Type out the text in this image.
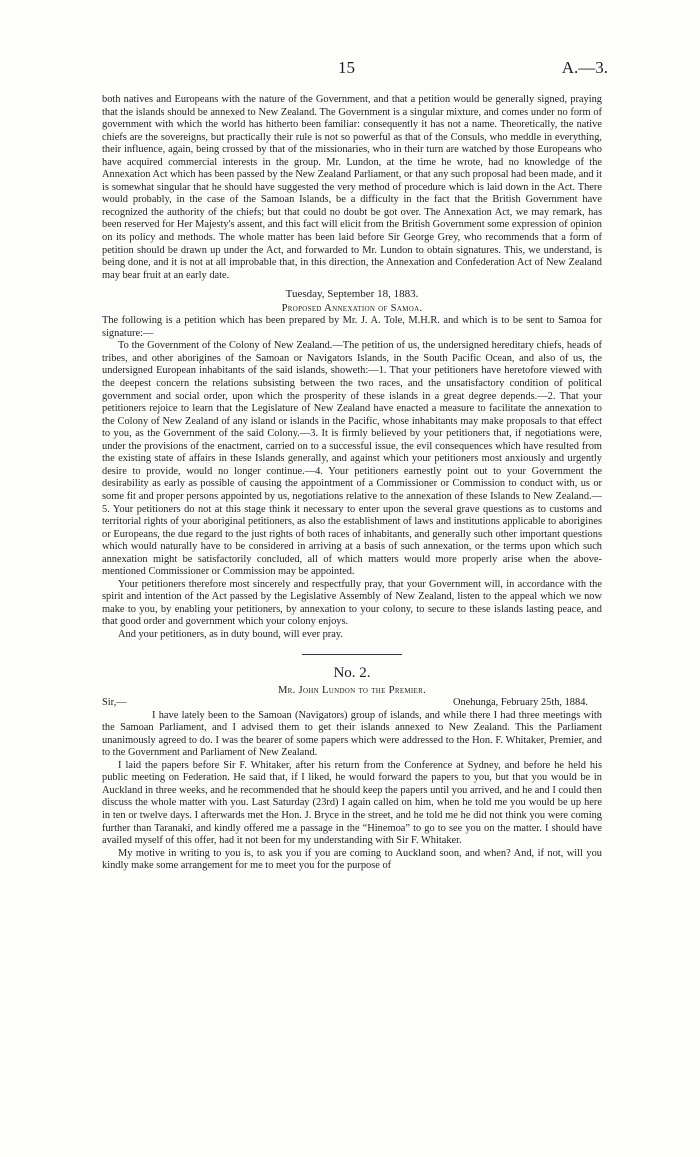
15	A.—3.

both natives and Europeans with the nature of the Government, and that a petition would be generally signed, praying that the islands should be annexed to New Zealand. The Government is a singular mixture, and comes under no form of government with which the world has hitherto been familiar: consequently it has not a name. Theoretically, the native chiefs are the sovereigns, but practically their rule is not so powerful as that of the Consuls, who meddle in everything, their influence, again, being crossed by that of the missionaries, who in their turn are watched by those Europeans who have acquired commercial interests in the group. Mr. Lundon, at the time he wrote, had no knowledge of the Annexation Act which has been passed by the New Zealand Parliament, or that any such proposal had been made, and it is somewhat singular that he should have suggested the very method of procedure which is laid down in the Act. There would probably, in the case of the Samoan Islands, be a difficulty in the fact that the British Government have recognized the authority of the chiefs; but that could no doubt be got over. The Annexation Act, we may remark, has been reserved for Her Majesty's assent, and this fact will elicit from the British Government some expression of opinion on its policy and methods. The whole matter has been laid before Sir George Grey, who recommends that a form of petition should be drawn up under the Act, and forwarded to Mr. Lundon to obtain signatures. This, we understand, is being done, and it is not at all improbable that, in this direction, the Annexation and Confederation Act of New Zealand may bear fruit at an early date.

Tuesday, September 18, 1883.

Proposed Annexation of Samoa.

The following is a petition which has been prepared by Mr. J. A. Tole, M.H.R. and which is to be sent to Samoa for signature:—

To the Government of the Colony of New Zealand.—The petition of us, the undersigned hereditary chiefs, heads of tribes, and other aborigines of the Samoan or Navigators Islands, in the South Pacific Ocean, and also of us, the undersigned European inhabitants of the said islands, showeth:—1. That your petitioners have heretofore viewed with the deepest concern the relations subsisting between the two races, and the unsatisfactory condition of political government and social order, upon which the prosperity of these islands in a great degree depends.—2. That your petitioners rejoice to learn that the Legislature of New Zealand have enacted a measure to facilitate the annexation to the Colony of New Zealand of any island or islands in the Pacific, whose inhabitants may make proposals to that effect to you, as the Government of the said Colony.—3. It is firmly believed by your petitioners that, if negotiations were, under the provisions of the enactment, carried on to a successful issue, the evil consequences which have resulted from the existing state of affairs in these Islands generally, and against which your petitioners most anxiously and urgently desire to provide, would no longer continue.—4. Your petitioners earnestly point out to your Government the desirability as early as possible of causing the appointment of a Commissioner or Commission to conduct with, us or some fit and proper persons appointed by us, negotiations relative to the annexation of these Islands to New Zealand.—5. Your petitioners do not at this stage think it necessary to enter upon the several grave questions as to customs and territorial rights of your aboriginal petitioners, as also the establishment of laws and institutions applicable to aborigines or Europeans, the due regard to the just rights of both races of inhabitants, and generally such other important questions which would naturally have to be considered in arriving at a basis of such annexation, or the terms upon which such annexation might be satisfactorily concluded, all of which matters would more properly arise when the above-mentioned Commissioner or Commission may be appointed.

Your petitioners therefore most sincerely and respectfully pray, that your Government will, in accordance with the spirit and intention of the Act passed by the Legislative Assembly of New Zealand, listen to the appeal which we now make to you, by enabling your petitioners, by annexation to your colony, to secure to these islands lasting peace, and that good order and government which your colony enjoys.

And your petitioners, as in duty bound, will ever pray.

No. 2.

Mr. John Lundon to the Premier.

Sir,—	Onehunga, February 25th, 1884.

I have lately been to the Samoan (Navigators) group of islands, and while there I had three meetings with the Samoan Parliament, and I advised them to get their islands annexed to New Zealand. This the Parliament unanimously agreed to do. I was the bearer of some papers which were addressed to the Hon. F. Whitaker, Premier, and to the Government and Parliament of New Zealand.

I laid the papers before Sir F. Whitaker, after his return from the Conference at Sydney, and before he held his public meeting on Federation. He said that, if I liked, he would forward the papers to you, but that you would be in Auckland in three weeks, and he recommended that he should keep the papers until you arrived, and he and I could then discuss the whole matter with you. Last Saturday (23rd) I again called on him, when he told me you would be up here in ten or twelve days. I afterwards met the Hon. J. Bryce in the street, and he told me he did not think you were coming further than Taranaki, and kindly offered me a passage in the “Hinemoa” to go to see you on the matter. I should have availed myself of this offer, had it not been for my understanding with Sir F. Whitaker.

My motive in writing to you is, to ask you if you are coming to Auckland soon, and when? And, if not, will you kindly make some arrangement for me to meet you for the purpose of
